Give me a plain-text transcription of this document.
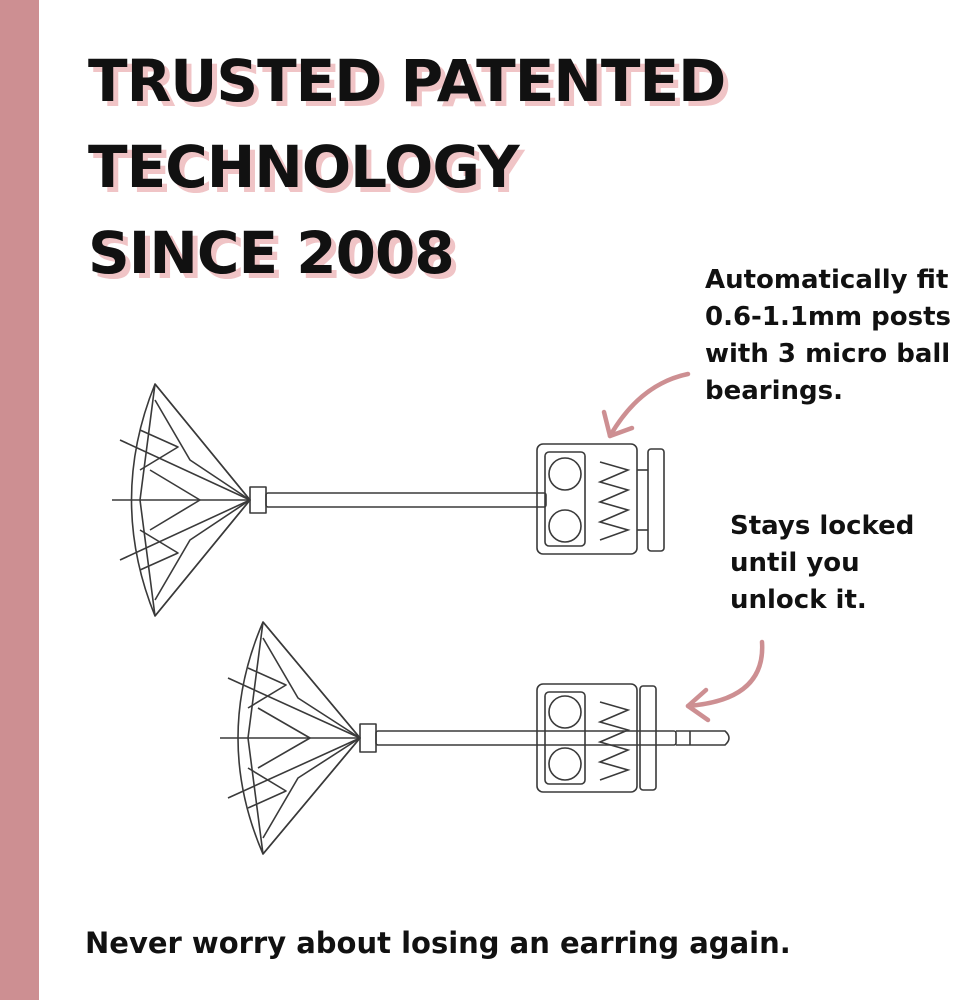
TRUSTED PATENTED
TECHNOLOGY
SINCE 2008	Automatically fit
0.6-1.1mm posts
with 3 micro ball
bearings.
Stays locked
until you
unlock it.
Never worry about losing an earring again.
